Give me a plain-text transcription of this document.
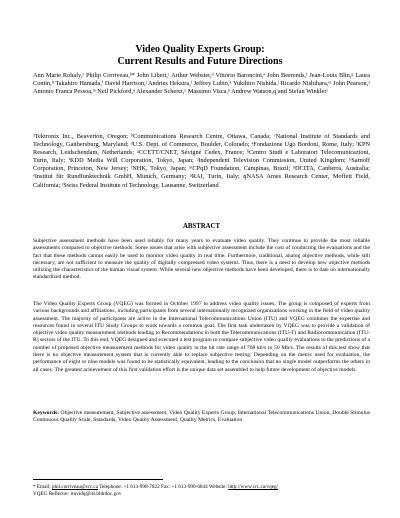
Video Quality Experts Group:
Current Results and Future Directions
Ann Marie Rohaly,ᵃ Philip Corriveau,ᵇ* John Libert,ᶜ Arthur Webster,ᵈ Vittorio Baroncini,ᵉ John Beerends,ᶠ Jean-Louis Blin,ᵍ Laura Contin,ʰ Takahiro Hamada,ⁱ David Harrison,ʲ Andries Hekstra,ᶠ Jeffrey Lubin,ᵏ Yukihiro Nishida,ˡ Ricardo Nishihara,ᵐ John Pearson,ᵃ Antonio Franca Pessoa,ᵐ Neil Pickford,ⁿ Alexander Schertz,ᵒ Massimo Visca,ᵖ Andrew Watson,q and Stefan Winklerʳ
ᵃTektronix Inc., Beaverton, Oregon; ᵇCommunications Research Centre, Ottawa, Canada; ᶜNational Institute of Standards and Technology, Gaithersburg, Maryland; ᵈU.S. Dept. of Commerce, Boulder, Colorado; ᵉFondazione Ugo Bordoni, Rome, Italy; ᶠKPN Research, Leidschendam, Netherlands; ᵍCCETT/CNET, Sévigné Cedex, France; ʰCentro Studi e Laboratori Telecomunicazioni, Turin, Italy; ⁱKDD Media Will Corporation, Tokyo, Japan; ʲIndependent Television Commission, United Kingdom; ᵏSarnoff Corporation, Princeton, New Jersey; ˡNHK, Tokyo, Japan; ᵐCPqD Foundation, Campinas, Brazil; ⁿDCITA, Canberra, Australia; ᵒInstitut für Rundfunktechnik GmbH, Munich, Germany; ᵖRAI, Turin, Italy; qNASA Ames Research Center, Moffett Field, California; ʳSwiss Federal Institute of Technology, Lausanne, Switzerland
ABSTRACT

Subjective assessment methods have been used reliably for many years to evaluate video quality. They continue to provide the most reliable assessments compared to objective methods. Some issues that arise with subjective assessment include the cost of conducting the evaluations and the fact that these methods cannot easily be used to monitor video quality in real time. Furthermore, traditional, analog objective methods, while still necessary, are not sufficient to measure the quality of digitally compressed video systems. Thus, there is a need to develop new objective methods utilizing the characteristics of the human visual system. While several new objective methods have been developed, there is to date no internationally standardized method.

The Video Quality Experts Group (VQEG) was formed in October 1997 to address video quality issues. The group is composed of experts from various backgrounds and affiliations, including participants from several internationally recognized organizations working in the field of video quality assessment. The majority of participants are active in the International Telecommunications Union (ITU) and VQEG combines the expertise and resources found in several ITU Study Groups to work towards a common goal. The first task undertaken by VQEG was to provide a validation of objective video quality measurement methods leading to Recommendations in both the Telecommunications (ITU-T) and Radiocommunication (ITU-R) sectors of the ITU. To this end, VQEG designed and executed a test program to compare subjective video quality evaluations to the predictions of a number of proposed objective measurement methods for video quality in the bit rate range of 768 kb/s to 50 Mb/s. The results of this test show that there is no objective measurement system that is currently able to replace subjective testing. Depending on the metric used for evaluation, the performance of eight or nine models was found to be statistically equivalent, leading to the conclusion that no single model outperforms the others in all cases. The greatest achievement of this first validation effort is the unique data set assembled to help future development of objective models.

Keywords: Objective measurement, Subjective assessment, Video Quality Experts Group, International Telecommunications Union, Double Stimulus Continuous Quality Scale, Standards, Video Quality Assessment, Quality Metrics, Evaluation

* Email: phil.corriveau@crc.ca Telephone: +1 613-998-7822 Fax: +1 613-990-6844 Website: http://www.crc.ca/vqeg/
VQEG Reflector: ituvidq@its.bldrdoc.gov
